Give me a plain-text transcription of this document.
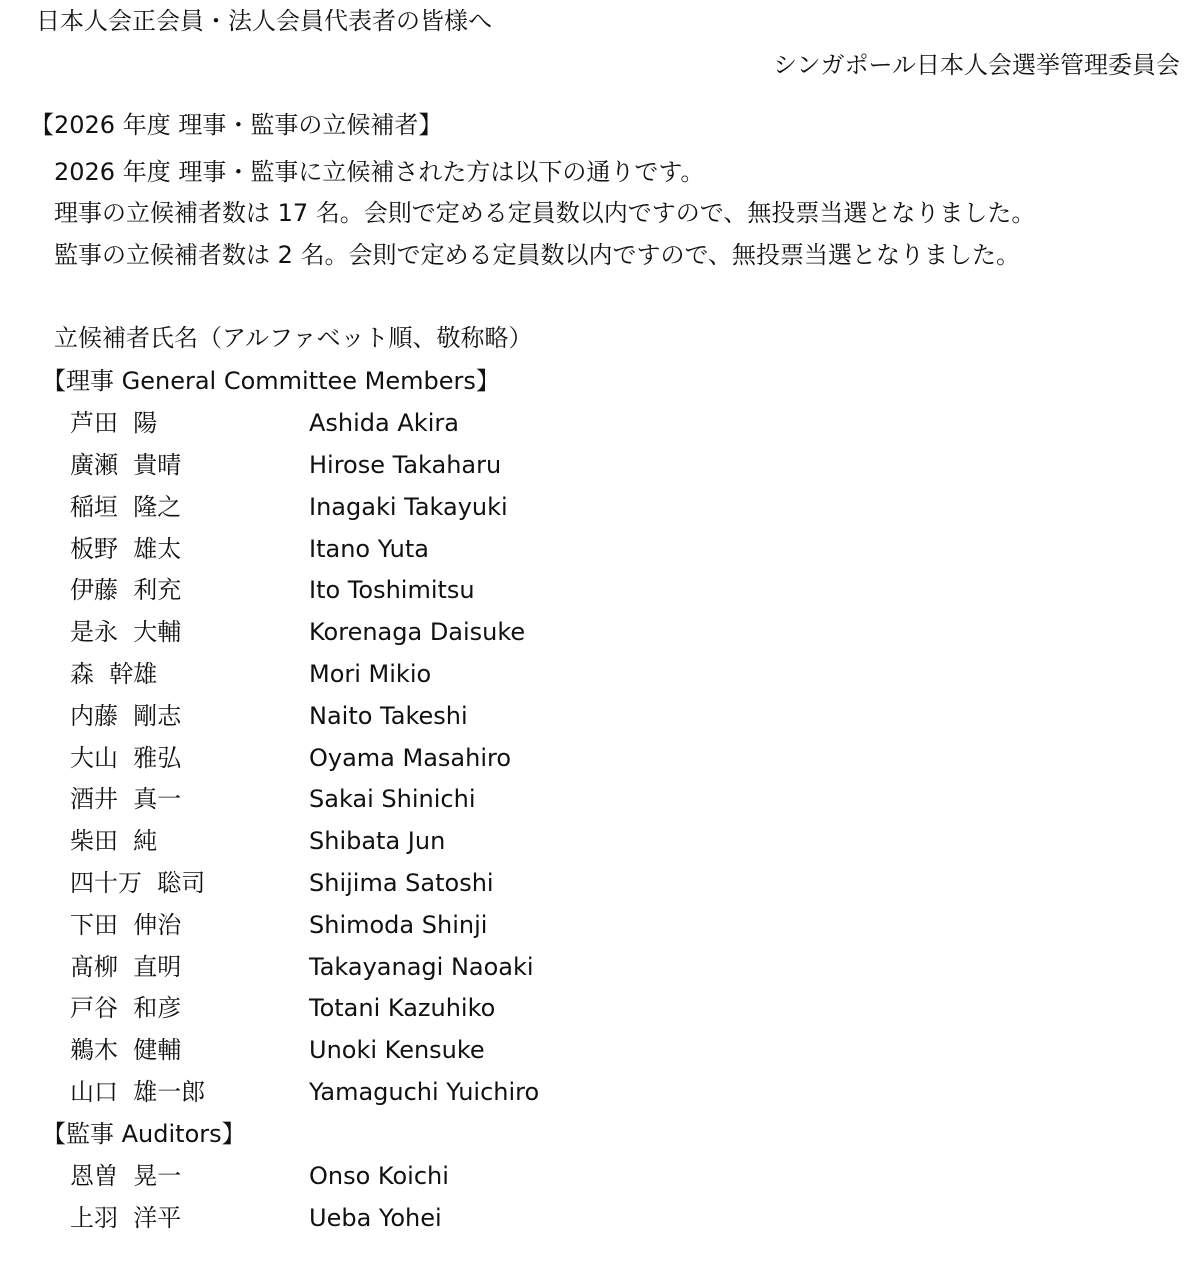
日本人会正会員・法人会員代表者の皆様へ
シンガポール日本人会選挙管理委員会
【2026 年度 理事・監事の立候補者】
2026 年度 理事・監事に立候補された方は以下の通りです。
理事の立候補者数は 17 名。会則で定める定員数以内ですので、無投票当選となりました。
監事の立候補者数は 2 名。会則で定める定員数以内ですので、無投票当選となりました。
立候補者氏名（アルファベット順、敬称略）
【理事 General Committee Members】
芦田  陽	Ashida Akira
廣瀬  貴晴	Hirose Takaharu
稲垣  隆之	Inagaki Takayuki
板野  雄太	Itano Yuta
伊藤  利充	Ito Toshimitsu
是永  大輔	Korenaga Daisuke
森  幹雄	Mori Mikio
内藤  剛志	Naito Takeshi
大山  雅弘	Oyama Masahiro
酒井  真一	Sakai Shinichi
柴田  純	Shibata Jun
四十万  聡司	Shijima Satoshi
下田  伸治	Shimoda Shinji
髙柳  直明	Takayanagi Naoaki
戸谷  和彦	Totani Kazuhiko
鵜木  健輔	Unoki Kensuke
山口  雄一郎	Yamaguchi Yuichiro
【監事 Auditors】
恩曽  晃一	Onso Koichi
上羽  洋平	Ueba Yohei
